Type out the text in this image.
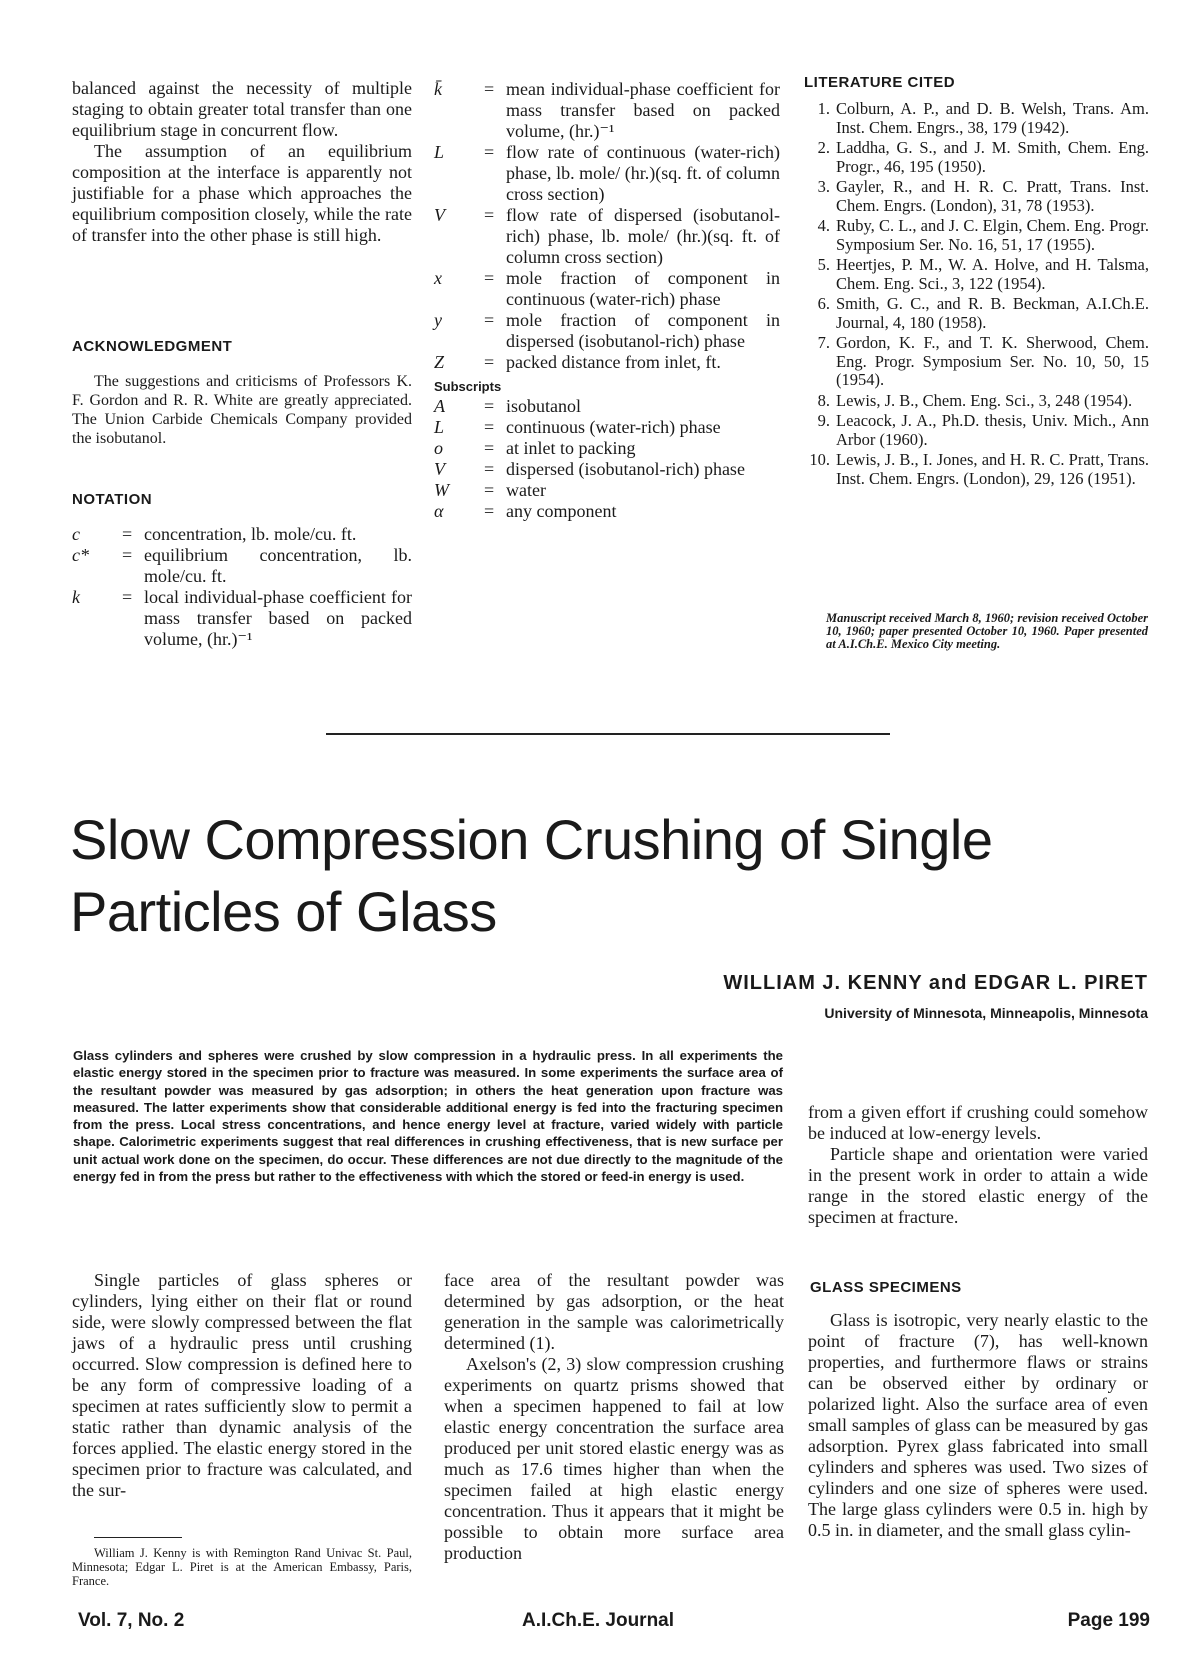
balanced against the necessity of multiple staging to obtain greater total transfer than one equilibrium stage in concurrent flow.

The assumption of an equilibrium composition at the interface is apparently not justifiable for a phase which approaches the equilibrium composition closely, while the rate of transfer into the other phase is still high.

ACKNOWLEDGMENT

The suggestions and criticisms of Professors K. F. Gordon and R. R. White are greatly appreciated. The Union Carbide Chemicals Company provided the isobutanol.

NOTATION
c	= concentration, lb. mole/cu. ft.
c*	= equilibrium concentration, lb. mole/cu. ft.
k	= local individual-phase coefficient for mass transfer based on packed volume, (hr.)⁻¹
k̄	= mean individual-phase coefficient for mass transfer based on packed volume, (hr.)⁻¹
L	= flow rate of continuous (water-rich) phase, lb. mole/ (hr.)(sq. ft. of column cross section)
V	= flow rate of dispersed (isobutanol-rich) phase, lb. mole/ (hr.)(sq. ft. of column cross section)
x	= mole fraction of component in continuous (water-rich) phase
y	= mole fraction of component in dispersed (isobutanol-rich) phase
Z	= packed distance from inlet, ft.
Subscripts
A	= isobutanol
L	= continuous (water-rich) phase
o	= at inlet to packing
V	= dispersed (isobutanol-rich) phase
W	= water
α	= any component
LITERATURE CITED
1. Colburn, A. P., and D. B. Welsh, Trans. Am. Inst. Chem. Engrs., 38, 179 (1942).
2. Laddha, G. S., and J. M. Smith, Chem. Eng. Progr., 46, 195 (1950).
3. Gayler, R., and H. R. C. Pratt, Trans. Inst. Chem. Engrs. (London), 31, 78 (1953).
4. Ruby, C. L., and J. C. Elgin, Chem. Eng. Progr. Symposium Ser. No. 16, 51, 17 (1955).
5. Heertjes, P. M., W. A. Holve, and H. Talsma, Chem. Eng. Sci., 3, 122 (1954).
6. Smith, G. C., and R. B. Beckman, A.I.Ch.E. Journal, 4, 180 (1958).
7. Gordon, K. F., and T. K. Sherwood, Chem. Eng. Progr. Symposium Ser. No. 10, 50, 15 (1954).
8. Lewis, J. B., Chem. Eng. Sci., 3, 248 (1954).
9. Leacock, J. A., Ph.D. thesis, Univ. Mich., Ann Arbor (1960).
10. Lewis, J. B., I. Jones, and H. R. C. Pratt, Trans. Inst. Chem. Engrs. (London), 29, 126 (1951).
Manuscript received March 8, 1960; revision received October 10, 1960; paper presented October 10, 1960. Paper presented at A.I.Ch.E. Mexico City meeting.
Slow Compression Crushing of Single
Particles of Glass
WILLIAM J. KENNY and EDGAR L. PIRET
University of Minnesota, Minneapolis, Minnesota
Glass cylinders and spheres were crushed by slow compression in a hydraulic press. In all experiments the elastic energy stored in the specimen prior to fracture was measured. In some experiments the surface area of the resultant powder was measured by gas adsorption; in others the heat generation upon fracture was measured. The latter experiments show that considerable additional energy is fed into the fracturing specimen from the press. Local stress concentrations, and hence energy level at fracture, varied widely with particle shape. Calorimetric experiments suggest that real differences in crushing effectiveness, that is new surface per unit actual work done on the specimen, do occur. These differences are not due directly to the magnitude of the energy fed in from the press but rather to the effectiveness with which the stored or feed-in energy is used.

from a given effort if crushing could somehow be induced at low-energy levels.

Particle shape and orientation were varied in the present work in order to attain a wide range in the stored elastic energy of the specimen at fracture.

GLASS SPECIMENS

Glass is isotropic, very nearly elastic to the point of fracture (7), has well-known properties, and furthermore flaws or strains can be observed either by ordinary or polarized light. Also the surface area of even small samples of glass can be measured by gas adsorption. Pyrex glass fabricated into small cylinders and spheres was used. Two sizes of cylinders and one size of spheres were used. The large glass cylinders were 0.5 in. high by 0.5 in. in diameter, and the small glass cylin-

Single particles of glass spheres or cylinders, lying either on their flat or round side, were slowly compressed between the flat jaws of a hydraulic press until crushing occurred. Slow compression is defined here to be any form of compressive loading of a specimen at rates sufficiently slow to permit a static rather than dynamic analysis of the forces applied. The elastic energy stored in the specimen prior to fracture was calculated, and the sur-

William J. Kenny is with Remington Rand Univac St. Paul, Minnesota; Edgar L. Piret is at the American Embassy, Paris, France.

face area of the resultant powder was determined by gas adsorption, or the heat generation in the sample was calorimetrically determined (1).

Axelson's (2, 3) slow compression crushing experiments on quartz prisms showed that when a specimen happened to fail at low elastic energy concentration the surface area produced per unit stored elastic energy was as much as 17.6 times higher than when the specimen failed at high elastic energy concentration. Thus it appears that it might be possible to obtain more surface area production

Vol. 7, No. 2	A.I.Ch.E. Journal	Page 199
